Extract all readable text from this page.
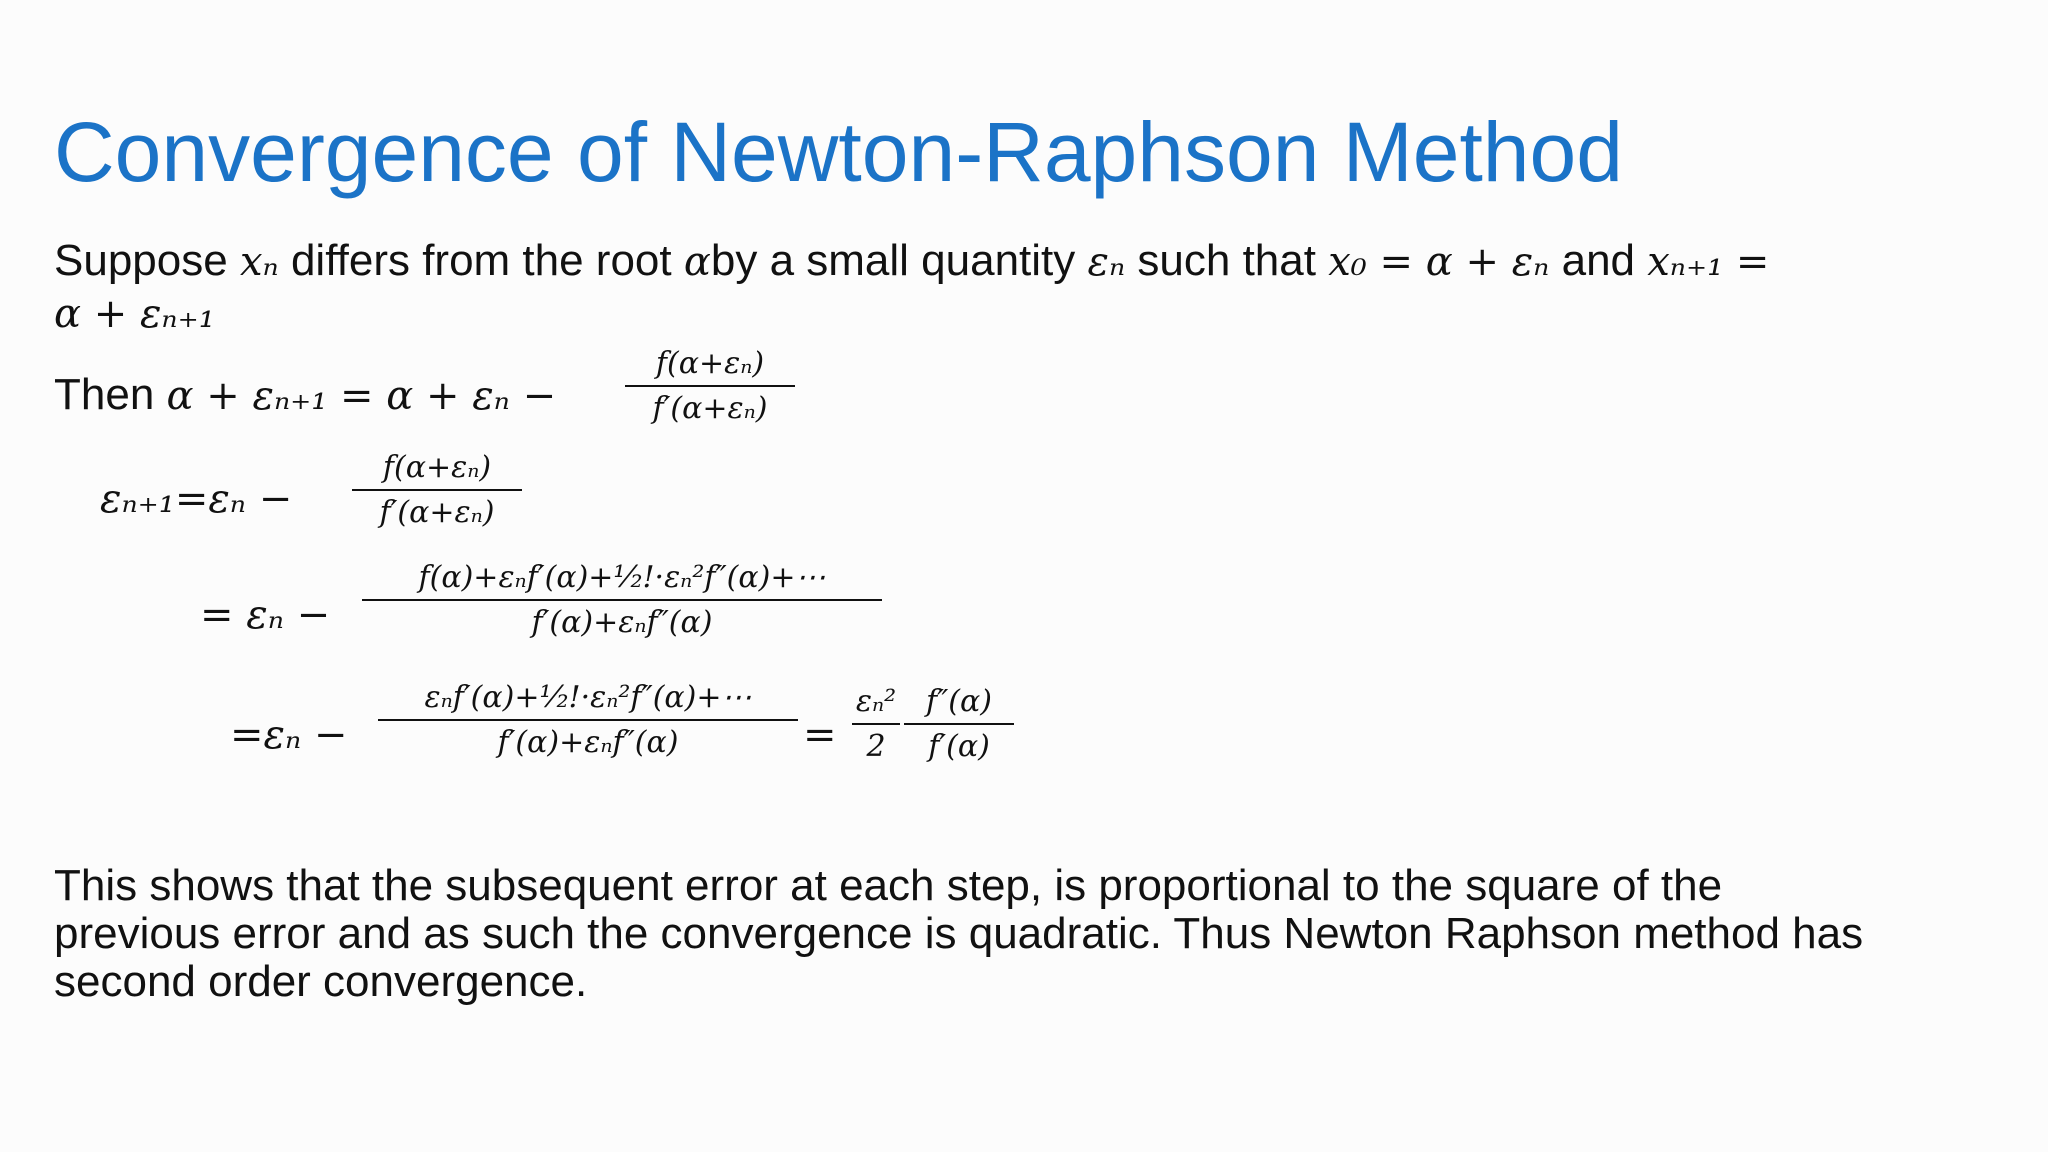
Convergence of Newton-Raphson Method
Suppose xₙ differs from the root αby a small quantity εₙ such that x₀ = α + εₙ and xₙ₊₁ =
α + εₙ₊₁
Then α + εₙ₊₁ = α + εₙ −
f(α+εₙ)
f′(α+εₙ)
εₙ₊₁=εₙ −
f(α+εₙ)
f′(α+εₙ)
= εₙ −
f(α)+εₙf′(α)+¹⁄₂!·εₙ²f″(α)+⋯
f′(α)+εₙf″(α)
=εₙ −
εₙf′(α)+¹⁄₂!·εₙ²f″(α)+⋯
f′(α)+εₙf″(α)	=
εₙ²
2
f″(α)
f′(α)
This shows that the subsequent error at each step, is proportional to the square of the
previous error and as such the convergence is quadratic. Thus Newton Raphson method has
second order convergence.
